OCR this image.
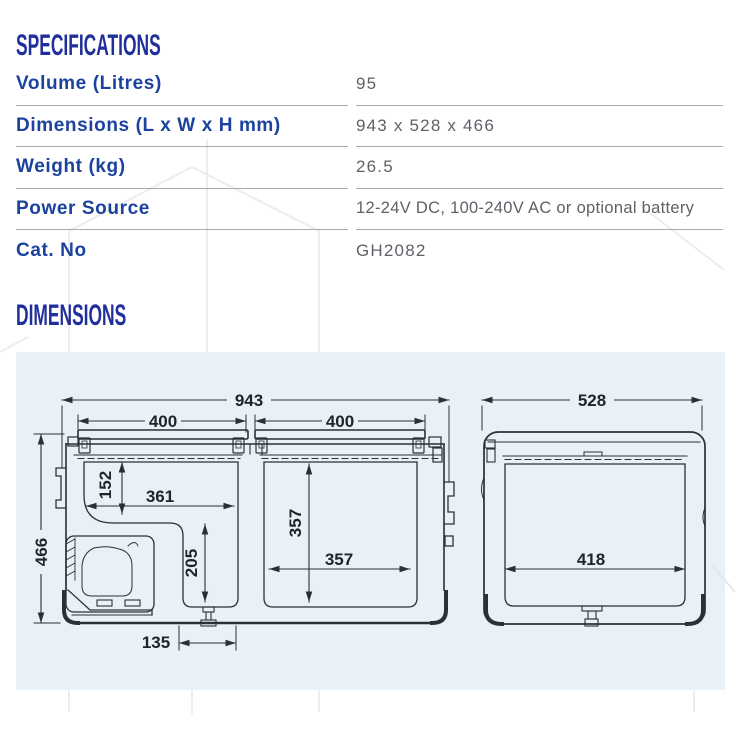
SPECIFICATIONS
Volume (Litres)	95
Dimensions (L x W x H mm)	943 x 528 x 466
Weight (kg)	26.5
Power Source	12-24V DC, 100-240V AC or optional battery
Cat. No	GH2082
DIMENSIONS
943
400	400
466
152 361
205
357
357
135
528
418
